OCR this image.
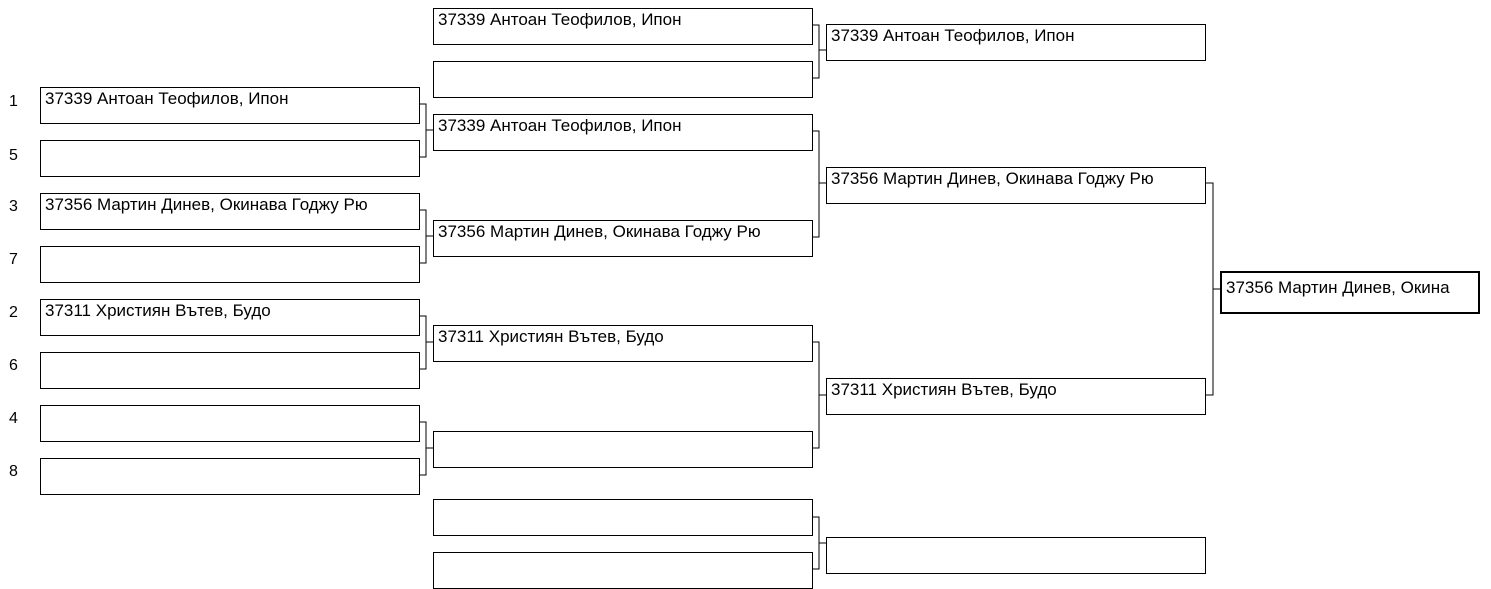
1
5
3
7
2
6
4
8
37339 Антоан Теофилов, Ипон
37356 Мартин Динев, Окинава Годжу Рю
37311 Християн Вътев, Будо
37339 Антоан Теофилов, Ипон
37339 Антоан Теофилов, Ипон
37356 Мартин Динев, Окинава Годжу Рю
37311 Християн Вътев, Будо
37339 Антоан Теофилов, Ипон
37356 Мартин Динев, Окинава Годжу Рю
37311 Християн Вътев, Будо
37356 Мартин Динев, Окина
